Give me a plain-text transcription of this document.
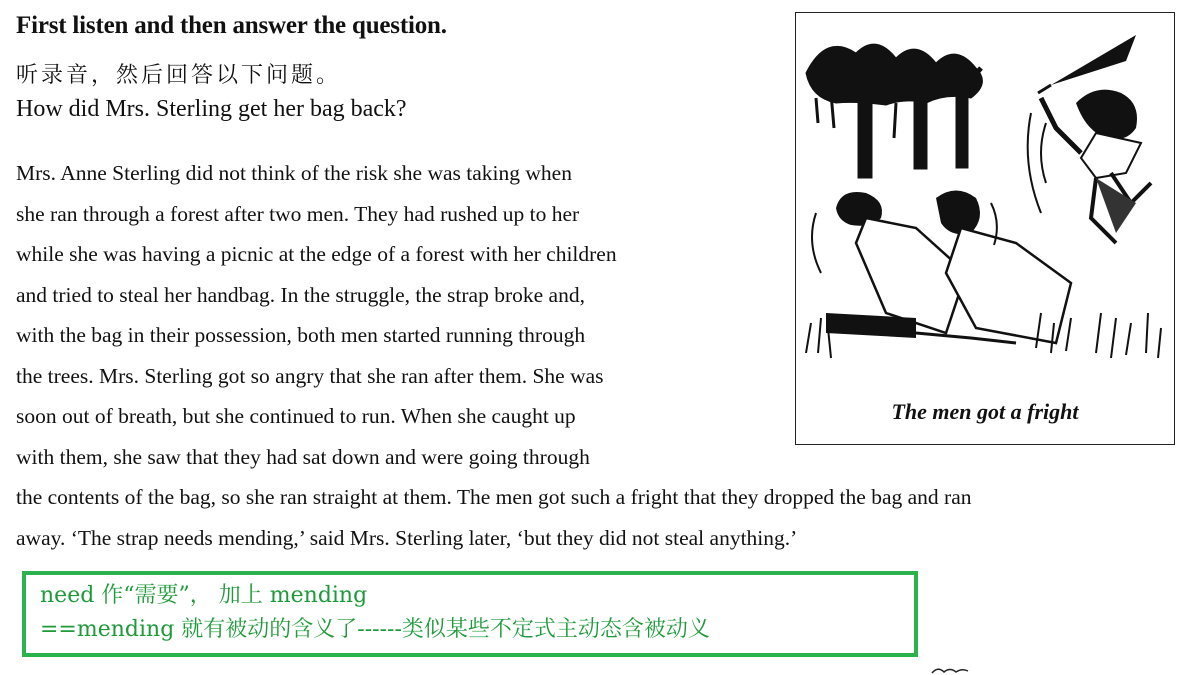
First listen and then answer the question.
听录音，然后回答以下问题。
How did Mrs. Sterling get her bag back?
Mrs. Anne Sterling did not think of the risk she was taking when
she ran through a forest after two men. They had rushed up to her
while she was having a picnic at the edge of a forest with her children
and tried to steal her handbag. In the struggle, the strap broke and,
with the bag in their possession, both men started running through
the trees. Mrs. Sterling got so angry that she ran after them. She was
soon out of breath, but she continued to run. When she caught up
with them, she saw that they had sat down and were going through
the contents of the bag, so she ran straight at them. The men got such a fright that they dropped the bag and ran
away. ‘The strap needs mending,’ said Mrs. Sterling later, ‘but they did not steal anything.’
The men got a fright
need 作“需要”， 加上 mending
==mending 就有被动的含义了------类似某些不定式主动态含被动义
